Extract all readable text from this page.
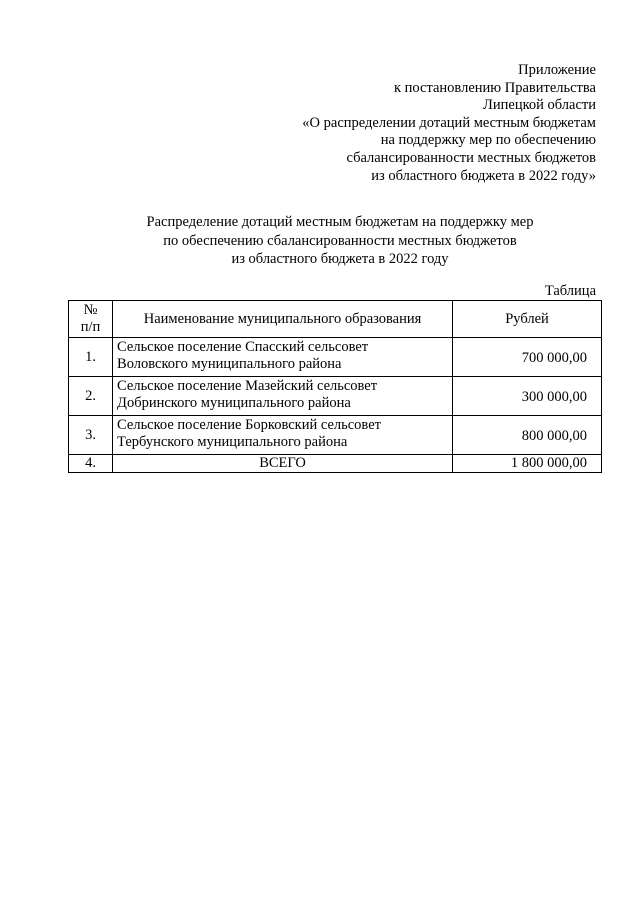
Приложение
к постановлению Правительства
Липецкой области
«О распределении дотаций местным бюджетам
на поддержку мер по обеспечению
сбалансированности местных бюджетов
из областного бюджета в 2022 году»
Распределение дотаций местным бюджетам на поддержку мер
по обеспечению сбалансированности местных бюджетов
из областного бюджета в 2022 году
Таблица
№
п/п	Наименование муниципального образования	Рублей
1.	Сельское поселение Спасский сельсовет
Воловского муниципального района	700 000,00
2.	Сельское поселение Мазейский сельсовет
Добринского муниципального района	300 000,00
3.	Сельское поселение Борковский сельсовет
Тербунского муниципального района	800 000,00
4.	ВСЕГО	1 800 000,00
